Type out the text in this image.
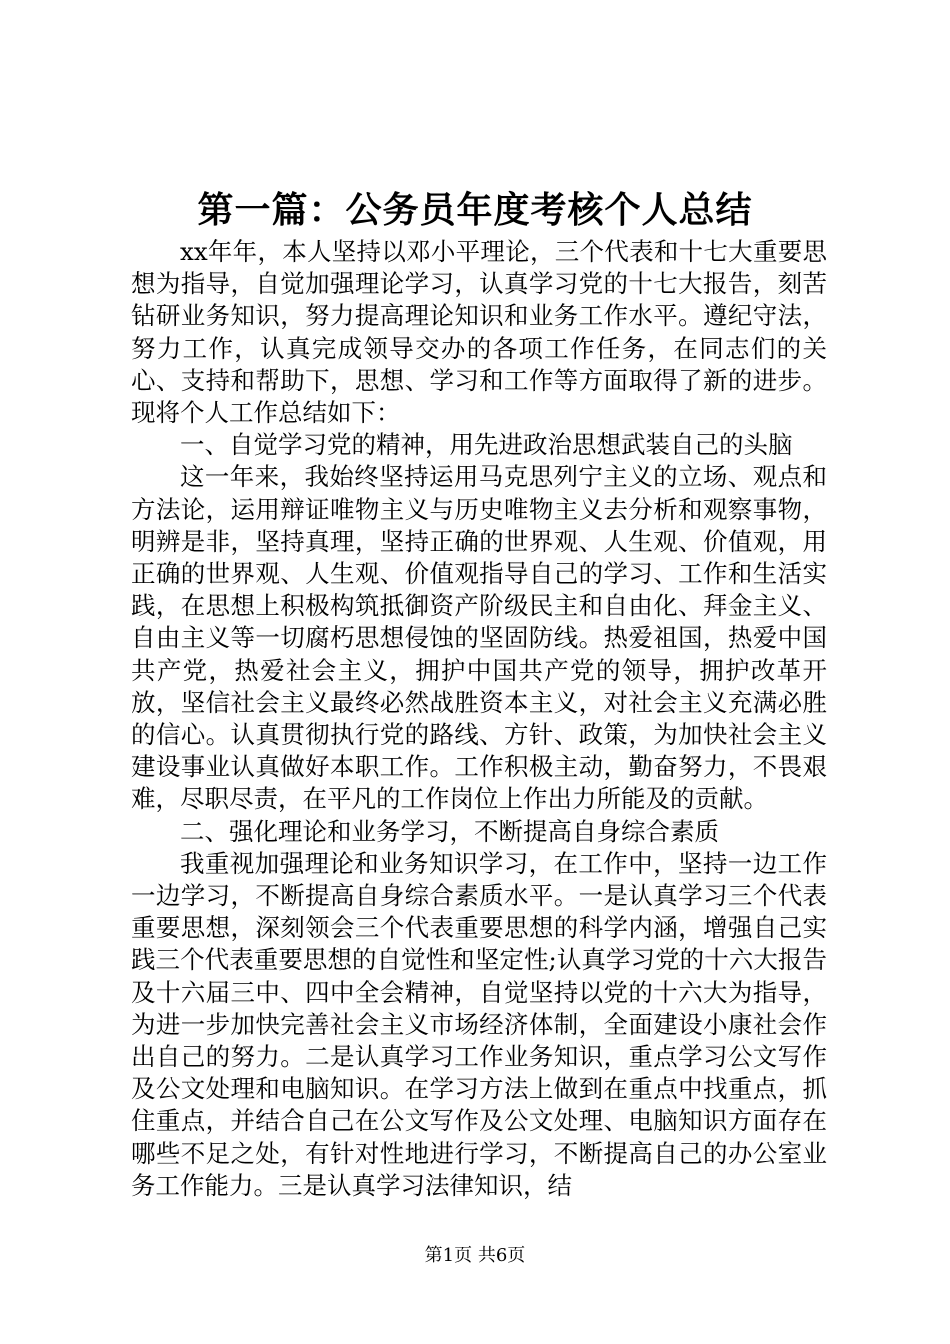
第一篇：公务员年度考核个人总结

xx年年，本人坚持以邓小平理论，三个代表和十七大重要思想为指导，自觉加强理论学习，认真学习党的十七大报告，刻苦钻研业务知识，努力提高理论知识和业务工作水平。遵纪守法，努力工作，认真完成领导交办的各项工作任务，在同志们的关心、支持和帮助下，思想、学习和工作等方面取得了新的进步。现将个人工作总结如下：

一、自觉学习党的精神，用先进政治思想武装自己的头脑

这一年来，我始终坚持运用马克思列宁主义的立场、观点和方法论，运用辩证唯物主义与历史唯物主义去分析和观察事物，明辨是非，坚持真理，坚持正确的世界观、人生观、价值观，用正确的世界观、人生观、价值观指导自己的学习、工作和生活实践，在思想上积极构筑抵御资产阶级民主和自由化、拜金主义、自由主义等一切腐朽思想侵蚀的坚固防线。热爱祖国，热爱中国共产党，热爱社会主义，拥护中国共产党的领导，拥护改革开放，坚信社会主义最终必然战胜资本主义，对社会主义充满必胜的信心。认真贯彻执行党的路线、方针、政策，为加快社会主义建设事业认真做好本职工作。工作积极主动，勤奋努力，不畏艰难，尽职尽责，在平凡的工作岗位上作出力所能及的贡献。

二、强化理论和业务学习，不断提高自身综合素质

我重视加强理论和业务知识学习，在工作中，坚持一边工作一边学习，不断提高自身综合素质水平。一是认真学习三个代表重要思想，深刻领会三个代表重要思想的科学内涵，增强自己实践三个代表重要思想的自觉性和坚定性;认真学习党的十六大报告及十六届三中、四中全会精神，自觉坚持以党的十六大为指导，为进一步加快完善社会主义市场经济体制，全面建设小康社会作出自己的努力。二是认真学习工作业务知识，重点学习公文写作及公文处理和电脑知识。在学习方法上做到在重点中找重点，抓住重点，并结合自己在公文写作及公文处理、电脑知识方面存在哪些不足之处，有针对性地进行学习，不断提高自己的办公室业务工作能力。三是认真学习法律知识，结

第1页 共6页
